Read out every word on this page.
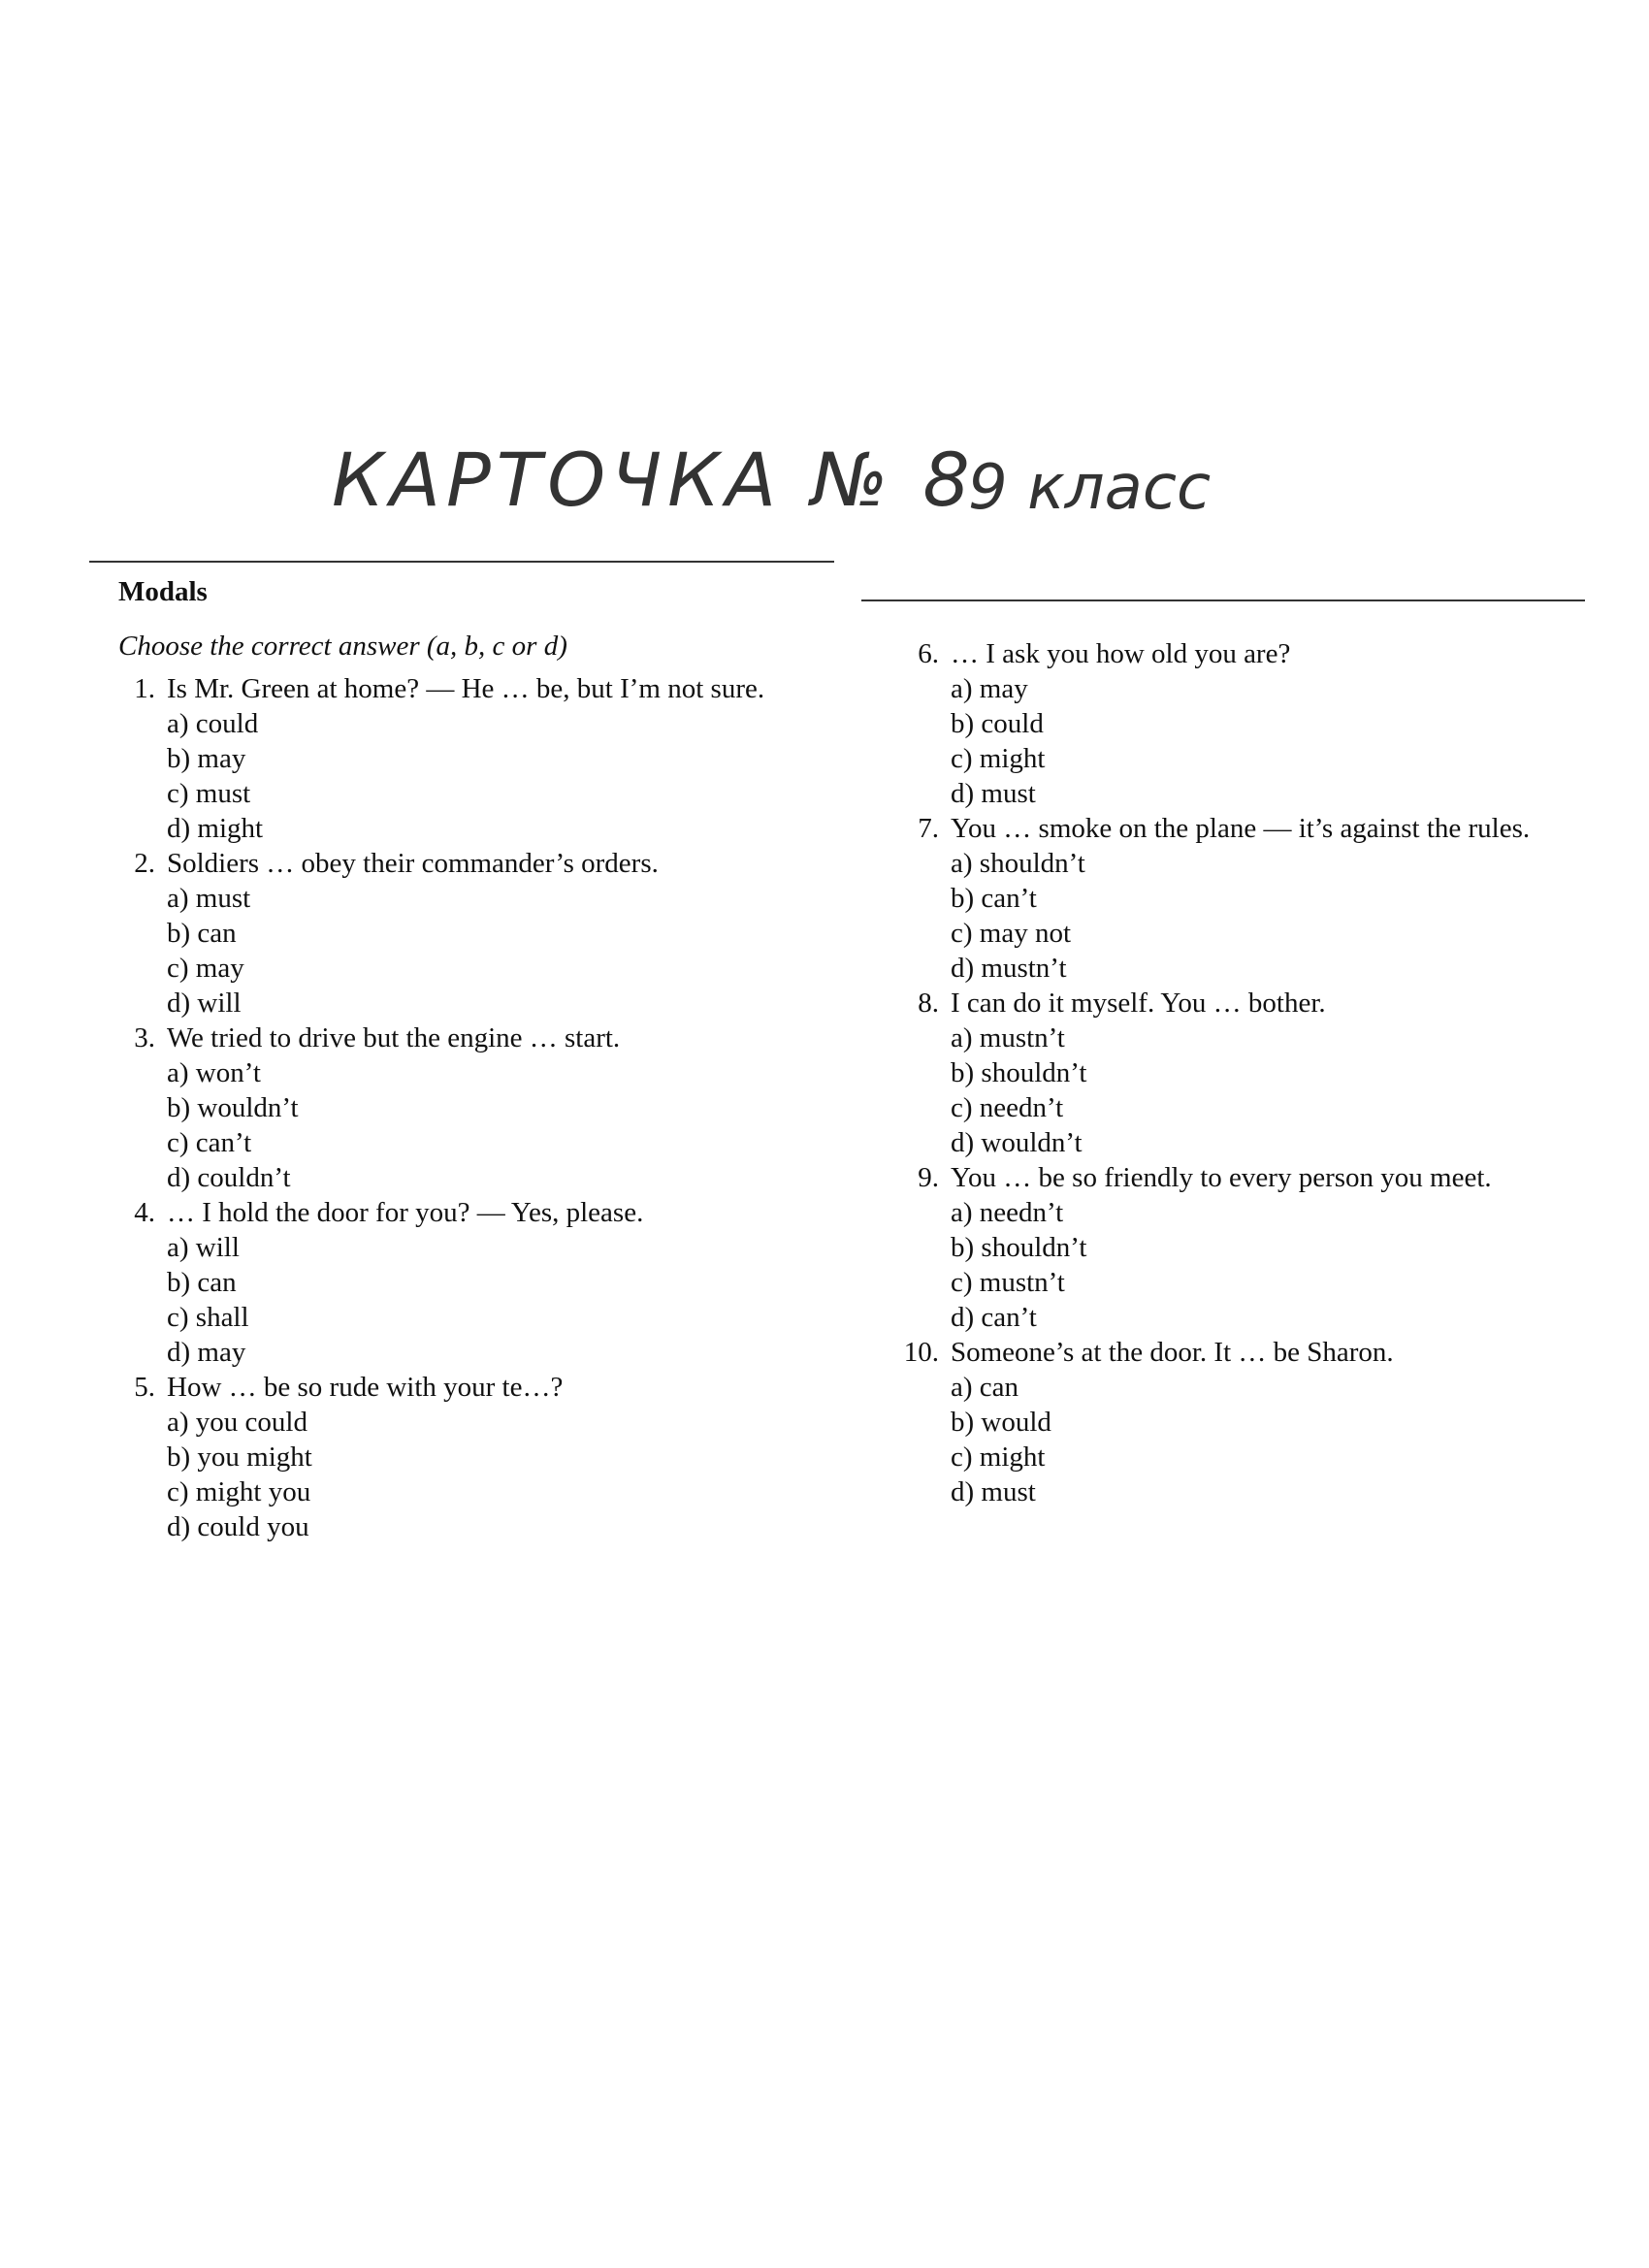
КАРТОЧКА № 8
9 класс
Modals
Choose the correct answer (a, b, c or d)
1. Is Mr. Green at home? — He … be, but I’m not sure.
a) could
b) may
c) must
d) might
2. Soldiers … obey their commander’s orders.
a) must
b) can
c) may
d) will
3. We tried to drive but the engine … start.
a) won’t
b) wouldn’t
c) can’t
d) couldn’t
4. … I hold the door for you? — Yes, please.
a) will
b) can
c) shall
d) may
5. How … be so rude with your te…?
a) you could
b) you might
c) might you
d) could you
6. … I ask you how old you are?
a) may
b) could
c) might
d) must
7. You … smoke on the plane — it’s against the rules.
a) shouldn’t
b) can’t
c) may not
d) mustn’t
8. I can do it myself. You … bother.
a) mustn’t
b) shouldn’t
c) needn’t
d) wouldn’t
9. You … be so friendly to every person you meet.
a) needn’t
b) shouldn’t
c) mustn’t
d) can’t
10. Someone’s at the door. It … be Sharon.
a) can
b) would
c) might
d) must
